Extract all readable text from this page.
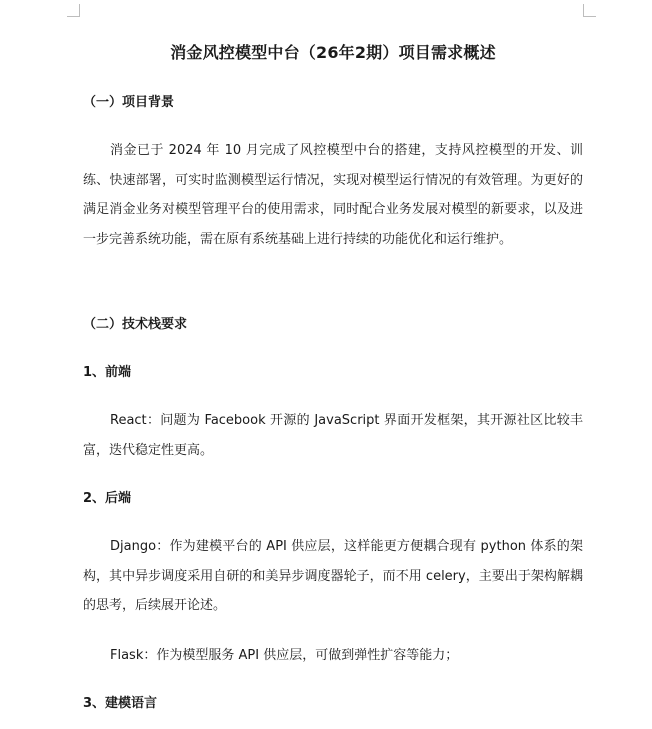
消金风控模型中台（26年2期）项目需求概述
（一）项目背景

消金已于 2024 年 10 月完成了风控模型中台的搭建，支持风控模型的开发、训练、快速部署，可实时监测模型运行情况，实现对模型运行情况的有效管理。为更好的满足消金业务对模型管理平台的使用需求，同时配合业务发展对模型的新要求，以及进一步完善系统功能，需在原有系统基础上进行持续的功能优化和运行维护。

（二）技术栈要求
1、前端

React：问题为 Facebook 开源的 JavaScript 界面开发框架，其开源社区比较丰富，迭代稳定性更高。

2、后端

Django：作为建模平台的 API 供应层，这样能更方便耦合现有 python 体系的架构，其中异步调度采用自研的和美异步调度器轮子，而不用 celery，主要出于架构解耦的思考，后续展开论述。

Flask：作为模型服务 API 供应层，可做到弹性扩容等能力；

3、建模语言
